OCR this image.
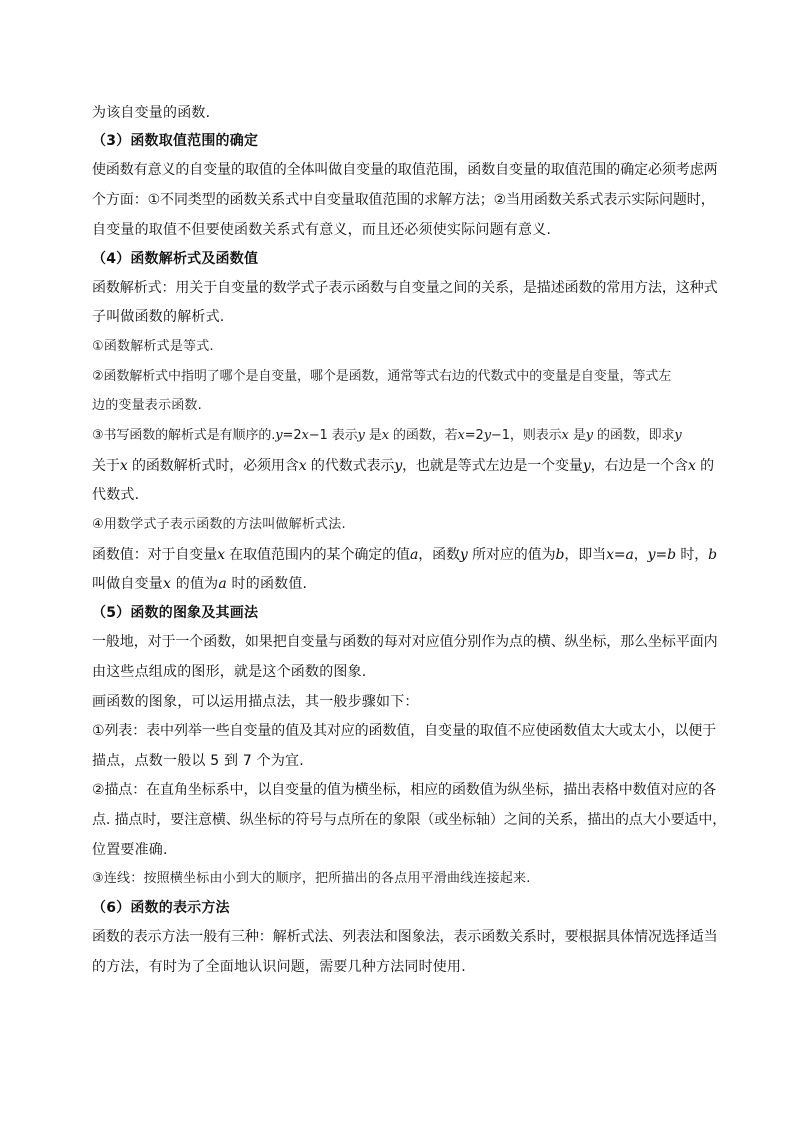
为该自变量的函数.
（3）函数取值范围的确定
使函数有意义的自变量的取值的全体叫做自变量的取值范围，函数自变量的取值范围的确定必须考虑两
个方面：①不同类型的函数关系式中自变量取值范围的求解方法；②当用函数关系式表示实际问题时，
自变量的取值不但要使函数关系式有意义，而且还必须使实际问题有意义.
（4）函数解析式及函数值
函数解析式：用关于自变量的数学式子表示函数与自变量之间的关系，是描述函数的常用方法，这种式
子叫做函数的解析式.
①函数解析式是等式.
②函数解析式中指明了哪个是自变量，哪个是函数，通常等式右边的代数式中的变量是自变量，等式左
边的变量表示函数.
③书写函数的解析式是有顺序的.y=2x−1 表示y 是x 的函数，若x=2y−1，则表示x 是y 的函数，即求y
关于x 的函数解析式时，必须用含x 的代数式表示y，也就是等式左边是一个变量y，右边是一个含x 的
代数式.
④用数学式子表示函数的方法叫做解析式法.
函数值：对于自变量x 在取值范围内的某个确定的值a，函数y 所对应的值为b，即当x=a，y=b 时，b
叫做自变量x 的值为a 时的函数值.
（5）函数的图象及其画法
一般地，对于一个函数，如果把自变量与函数的每对对应值分别作为点的横、纵坐标，那么坐标平面内
由这些点组成的图形，就是这个函数的图象.
画函数的图象，可以运用描点法，其一般步骤如下：
①列表：表中列举一些自变量的值及其对应的函数值，自变量的取值不应使函数值太大或太小，以便于
描点，点数一般以 5 到 7 个为宜.
②描点：在直角坐标系中，以自变量的值为横坐标，相应的函数值为纵坐标，描出表格中数值对应的各
点. 描点时，要注意横、纵坐标的符号与点所在的象限（或坐标轴）之间的关系，描出的点大小要适中，
位置要准确.
③连线：按照横坐标由小到大的顺序，把所描出的各点用平滑曲线连接起来.
（6）函数的表示方法
函数的表示方法一般有三种：解析式法、列表法和图象法，表示函数关系时，要根据具体情况选择适当
的方法，有时为了全面地认识问题，需要几种方法同时使用.
